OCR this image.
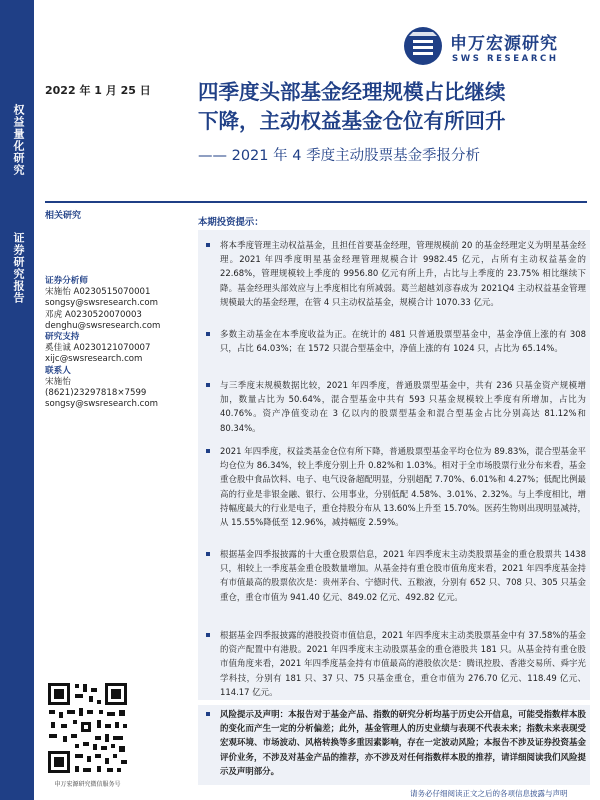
权益量化研究
证券研究报告
2022 年 1 月 25 日
申万宏源研究
SWS RESEARCH
四季度头部基金经理规模占比继续
下降，主动权益基金仓位有所回升
—— 2021 年 4 季度主动股票基金季报分析
相关研究
证券分析师
宋施怡 A0230515070001
songsy@swsresearch.com
邓虎 A0230520070003
denghu@swsresearch.com
研究支持
奚佳诚 A0230121070007
xijc@swsresearch.com
联系人
宋施怡
(8621)23297818×7599
songsy@swsresearch.com
申万宏源研究微信服务号
本期投资提示：
将本季度管理主动权益基金，且担任首要基金经理，管理规模前 20 的基金经理定义为明星基金经理。2021 年四季度明星基金经理管理规模合计 9982.45 亿元，占所有主动权益基金的 22.68%，管理规模较上季度的 9956.80 亿元有所上升，占比与上季度的 23.75% 相比继续下降。基金经理头部效应与上季度相比有所减弱。葛兰超越刘彦春成为 2021Q4 主动权益基金管理规模最大的基金经理，在管 4 只主动权益基金，规模合计 1070.33 亿元。
多数主动基金在本季度收益为正。在统计的 481 只普通股票型基金中，基金净值上涨的有 308 只，占比 64.03%；在 1572 只混合型基金中，净值上涨的有 1024 只，占比为 65.14%。
与三季度末规模数据比较，2021 年四季度，普通股票型基金中，共有 236 只基金资产规模增加，数量占比为 50.64%，混合型基金中共有 593 只基金规模较上季度有所增加，占比为 40.76%。资产净值变动在 3 亿以内的股票型基金和混合型基金占比分别高达 81.12%和 80.34%。
2021 年四季度，权益类基金仓位有所下降，普通股票型基金平均仓位为 89.83%，混合型基金平均仓位为 86.34%，较上季度分别上升 0.82%和 1.03%。相对于全市场股票行业分布来看，基金重仓股中食品饮料、电子、电气设备超配明显，分别超配 7.70%、6.01%和 4.27%；低配比例最高的行业是非银金融、银行、公用事业，分别低配 4.58%、3.01%、2.32%。与上季度相比，增持幅度最大的行业是电子，重仓持股分布从 13.60%上升至 15.70%。医药生物则出现明显减持，从 15.55%降低至 12.96%，减持幅度 2.59%。
根据基金四季报披露的十大重仓股票信息，2021 年四季度末主动类股票基金的重仓股票共 1438 只，相较上一季度基金重仓股数量增加。从基金持有重仓股市值角度来看，2021 年四季度基金持有市值最高的股票依次是：贵州茅台、宁德时代、五粮液，分别有 652 只、708 只、305 只基金重仓，重仓市值为 941.40 亿元、849.02 亿元、492.82 亿元。
根据基金四季报披露的港股投资市值信息，2021 年四季度末主动类股票基金中有 37.58%的基金的资产配置中有港股。2021 年四季度末主动股票基金的重仓港股共 181 只。从基金持有重仓股市值角度来看，2021 年四季度基金持有市值最高的港股依次是：腾讯控股、香港交易所、舜宇光学科技，分别有 181 只、37 只、75 只基金重仓，重仓市值为 276.70 亿元、118.49 亿元、114.17 亿元。
风险提示及声明：本报告对于基金产品、指数的研究分析均基于历史公开信息，可能受指数样本股的变化而产生一定的分析偏差；此外，基金管理人的历史业绩与表现不代表未来；指数未来表现受宏观环境、市场波动、风格转换等多重因素影响，存在一定波动风险；本报告不涉及证券投资基金评价业务，不涉及对基金产品的推荐，亦不涉及对任何指数样本股的推荐，请详细阅读我们风险提示及声明部分。
请务必仔细阅读正文之后的各项信息披露与声明
